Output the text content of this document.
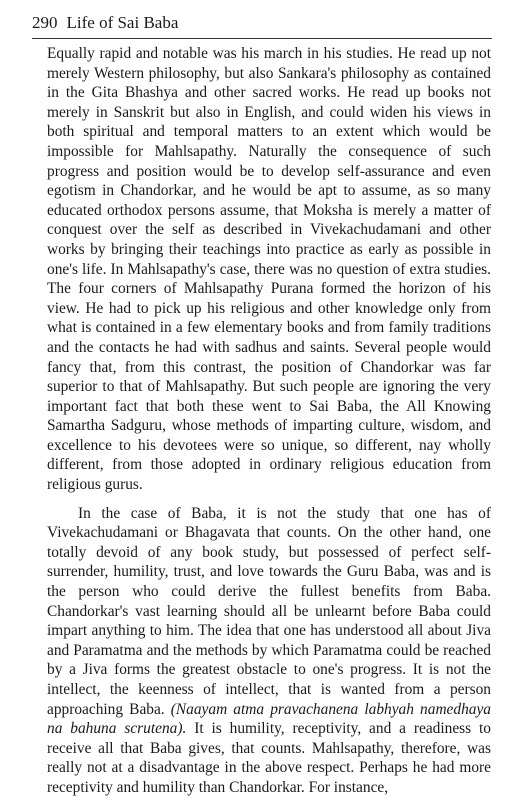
290 Life of Sai Baba

Equally rapid and notable was his march in his studies. He read up not merely Western philosophy, but also Sankara's philosophy as contained in the Gita Bhashya and other sacred works. He read up books not merely in Sanskrit but also in English, and could widen his views in both spiritual and temporal matters to an extent which would be impossible for Mahlsapathy. Naturally the consequence of such progress and position would be to develop self-assurance and even egotism in Chandorkar, and he would be apt to assume, as so many educated orthodox persons assume, that Moksha is merely a matter of conquest over the self as described in Vivekachudamani and other works by bringing their teachings into practice as early as possible in one's life. In Mahlsapathy's case, there was no question of extra studies. The four corners of Mahlsapathy Purana formed the horizon of his view. He had to pick up his religious and other knowledge only from what is contained in a few elementary books and from family traditions and the contacts he had with sadhus and saints. Several people would fancy that, from this contrast, the position of Chandorkar was far superior to that of Mahlsapathy. But such people are ignoring the very important fact that both these went to Sai Baba, the All Knowing Samartha Sadguru, whose methods of imparting culture, wisdom, and excellence to his devotees were so unique, so different, nay wholly different, from those adopted in ordinary religious education from religious gurus.

In the case of Baba, it is not the study that one has of Vivekachudamani or Bhagavata that counts. On the other hand, one totally devoid of any book study, but possessed of perfect self-surrender, humility, trust, and love towards the Guru Baba, was and is the person who could derive the fullest benefits from Baba. Chandorkar's vast learning should all be unlearnt before Baba could impart anything to him. The idea that one has understood all about Jiva and Paramatma and the methods by which Paramatma could be reached by a Jiva forms the greatest obstacle to one's progress. It is not the intellect, the keenness of intellect, that is wanted from a person approaching Baba. (Naayam atma pravachanena labhyah namedhaya na bahuna scrutena). It is humility, receptivity, and a readiness to receive all that Baba gives, that counts. Mahlsapathy, therefore, was really not at a disadvantage in the above respect. Perhaps he had more receptivity and humility than Chandorkar. For instance,
